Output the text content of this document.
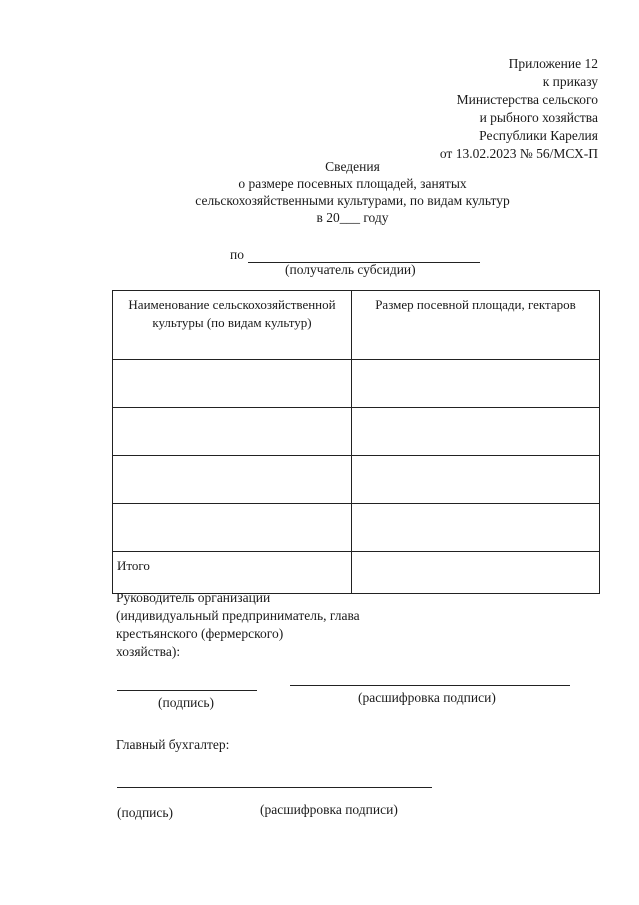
Приложение 12
к приказу
Министерства сельского
и рыбного хозяйства
Республики Карелия
от 13.02.2023 № 56/МСХ-П
Сведения
о размере посевных площадей, занятых
сельскохозяйственными культурами, по видам культур
в 20___ году
по
(получатель субсидии)
Наименование сельскохозяйственной культуры (по видам культур)	Размер посевной площади, гектаров

Итого	
Руководитель организации
(индивидуальный предприниматель, глава
крестьянского (фермерского)
хозяйства):
(подпись)	(расшифровка подписи)
Главный бухгалтер:
(подпись)	(расшифровка подписи)
